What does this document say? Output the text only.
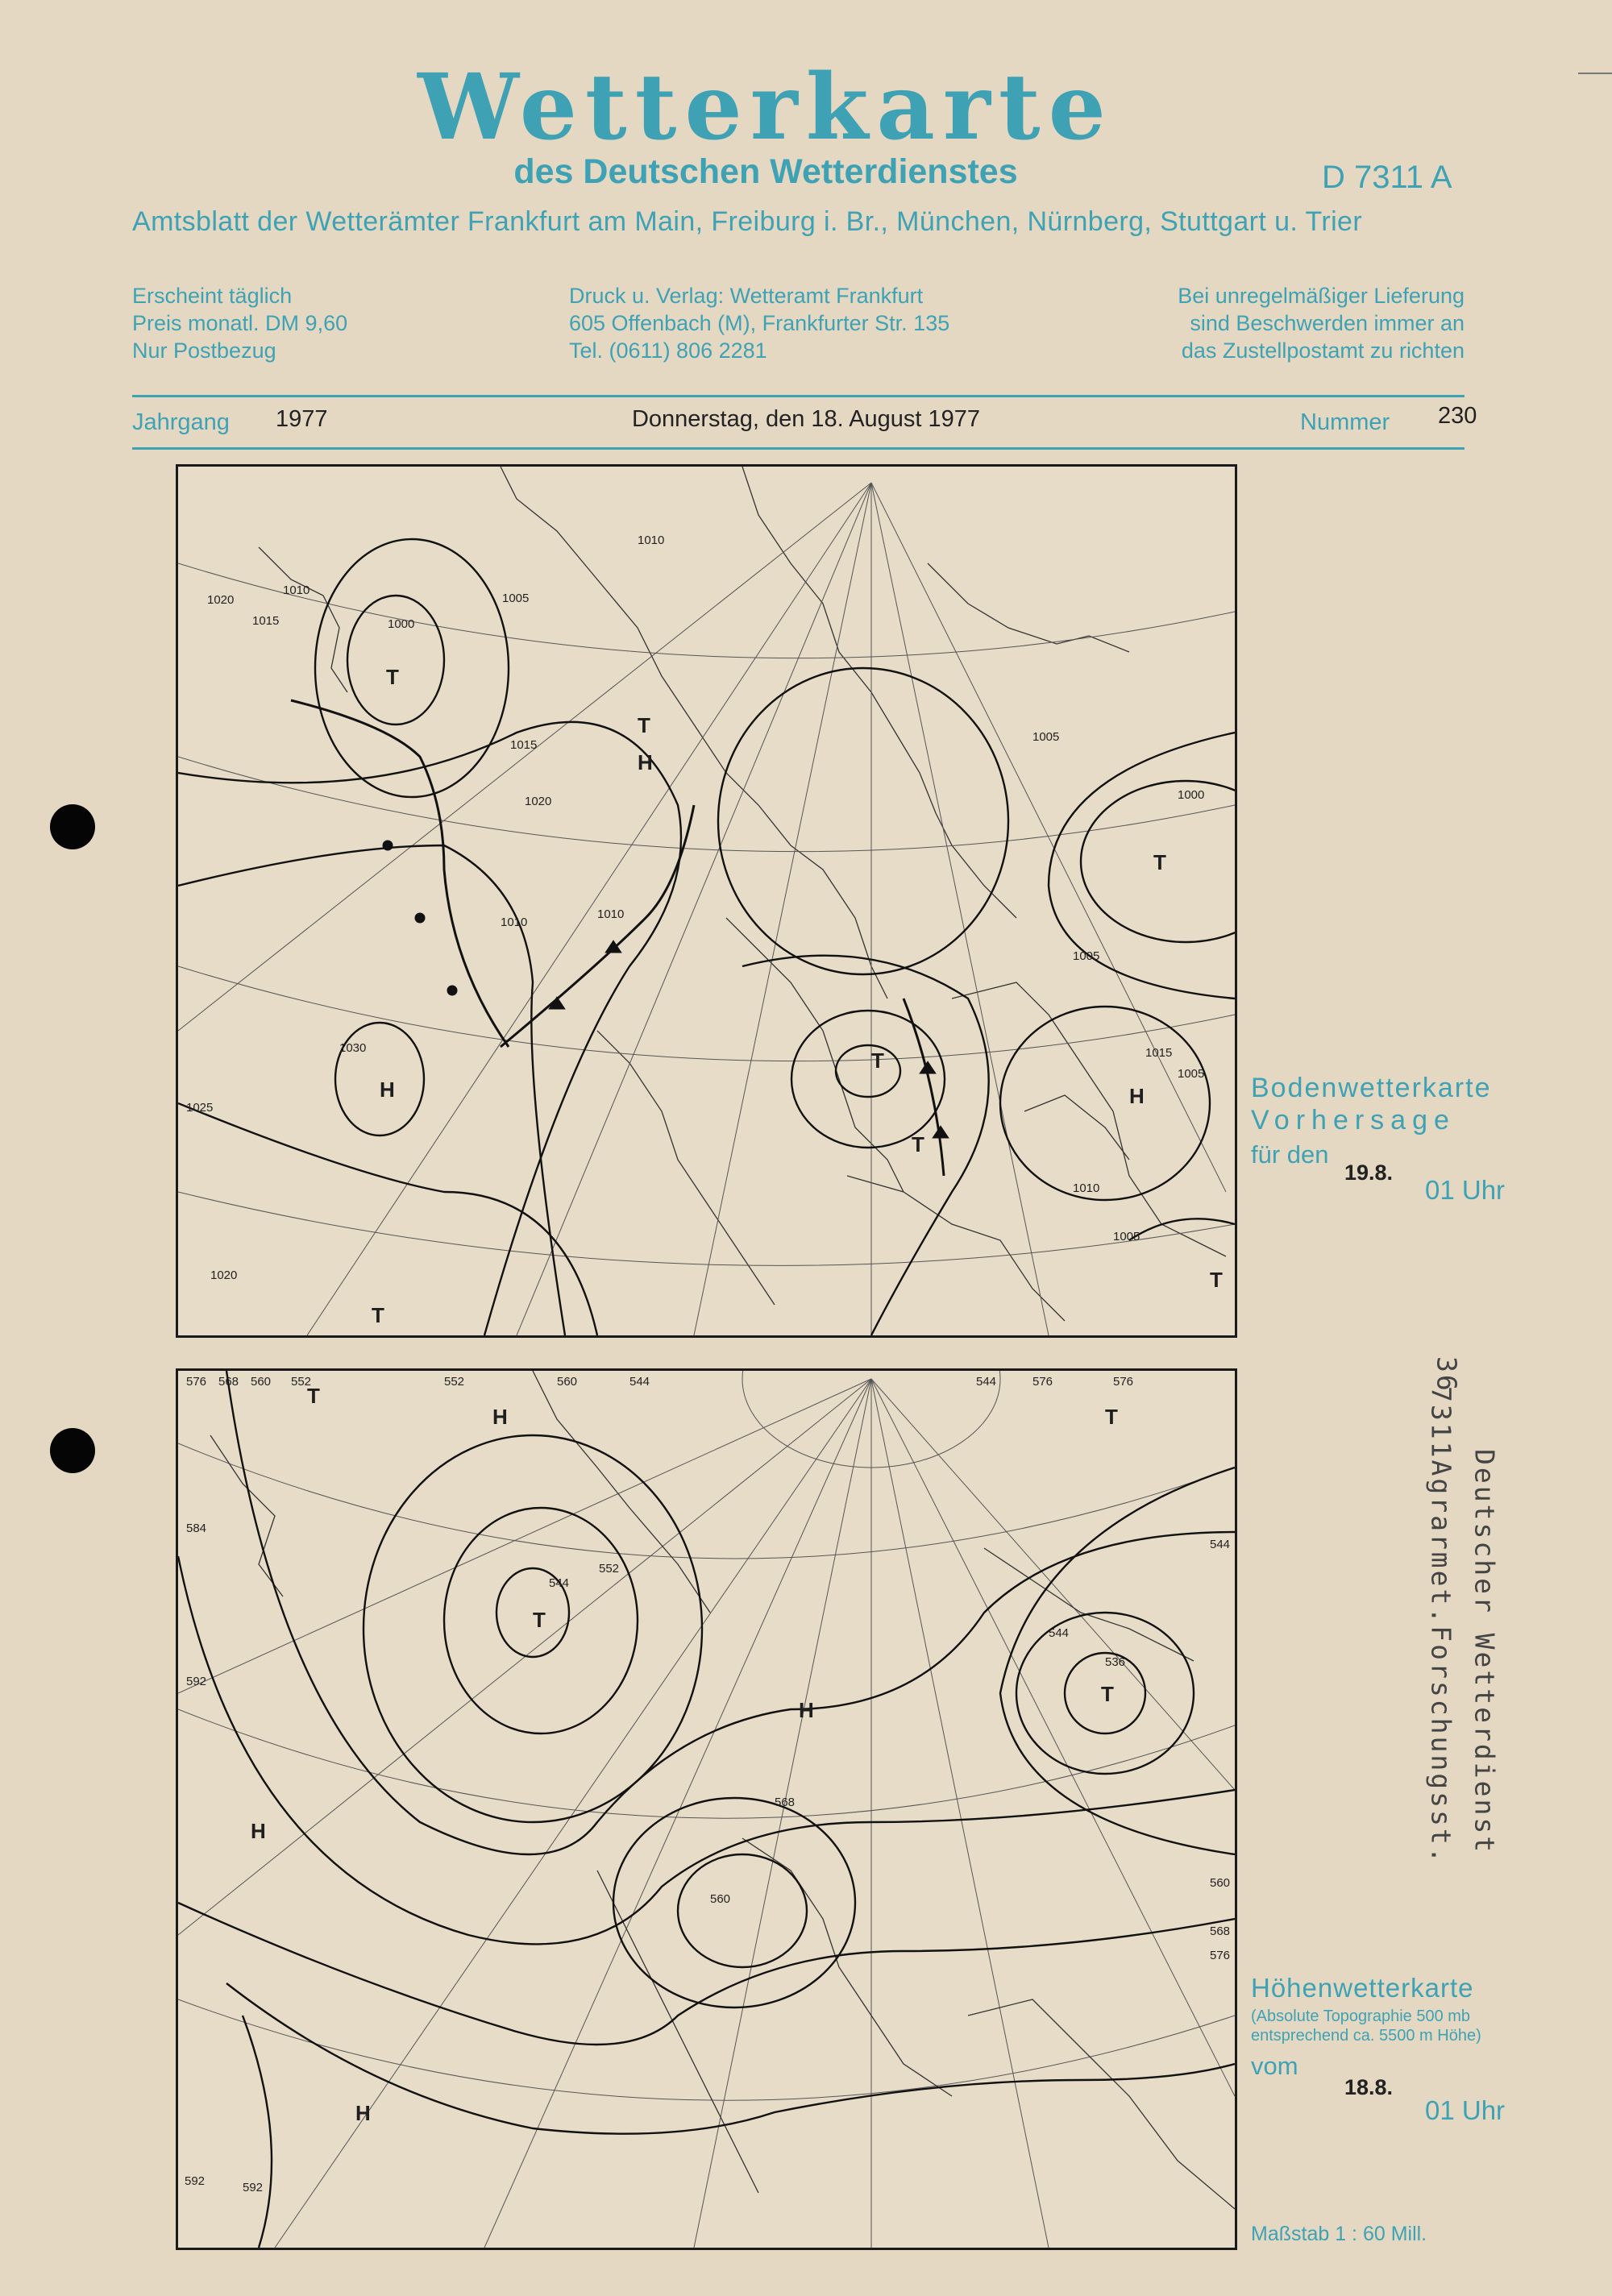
Wetterkarte
des Deutschen Wetterdienstes	D 7311 A
Amtsblatt der Wetterämter Frankfurt am Main, Freiburg i. Br., München, Nürnberg, Stuttgart u. Trier
Erscheint täglich
Preis monatl. DM 9,60
Nur Postbezug
Druck u. Verlag: Wetteramt Frankfurt
605 Offenbach (M), Frankfurter Str. 135
Tel. (0611) 806 2281
Bei unregelmäßiger Lieferung
sind Beschwerden immer an
das Zustellpostamt zu richten
Jahrgang 1977	Donnerstag, den 18. August 1977	Nummer 230
1020
1015
1010
1000
1005
1010
1015
1020
1010
1005
1000
1025
1030
1020
1010
1005
1015
1005
1010
1005
T
T
H
T
T
T
H
H
T
T
576 568 560 552	552	560	544	544	576	576
584
544
552
592
536
544
568
560
592	592
544
560
568
576
T
H	T
T
H
H
H
T
Bodenwetterkarte
Vorhersage
für den
19.8.
01 Uhr
Höhenwetterkarte
(Absolute Topographie 500 mb
entsprechend ca. 5500 m Höhe)
vom
18.8.
01 Uhr
Maßstab 1 : 60 Mill.
36
7311Agrarmet.Forschungsst. Deutscher Wetterdienst
